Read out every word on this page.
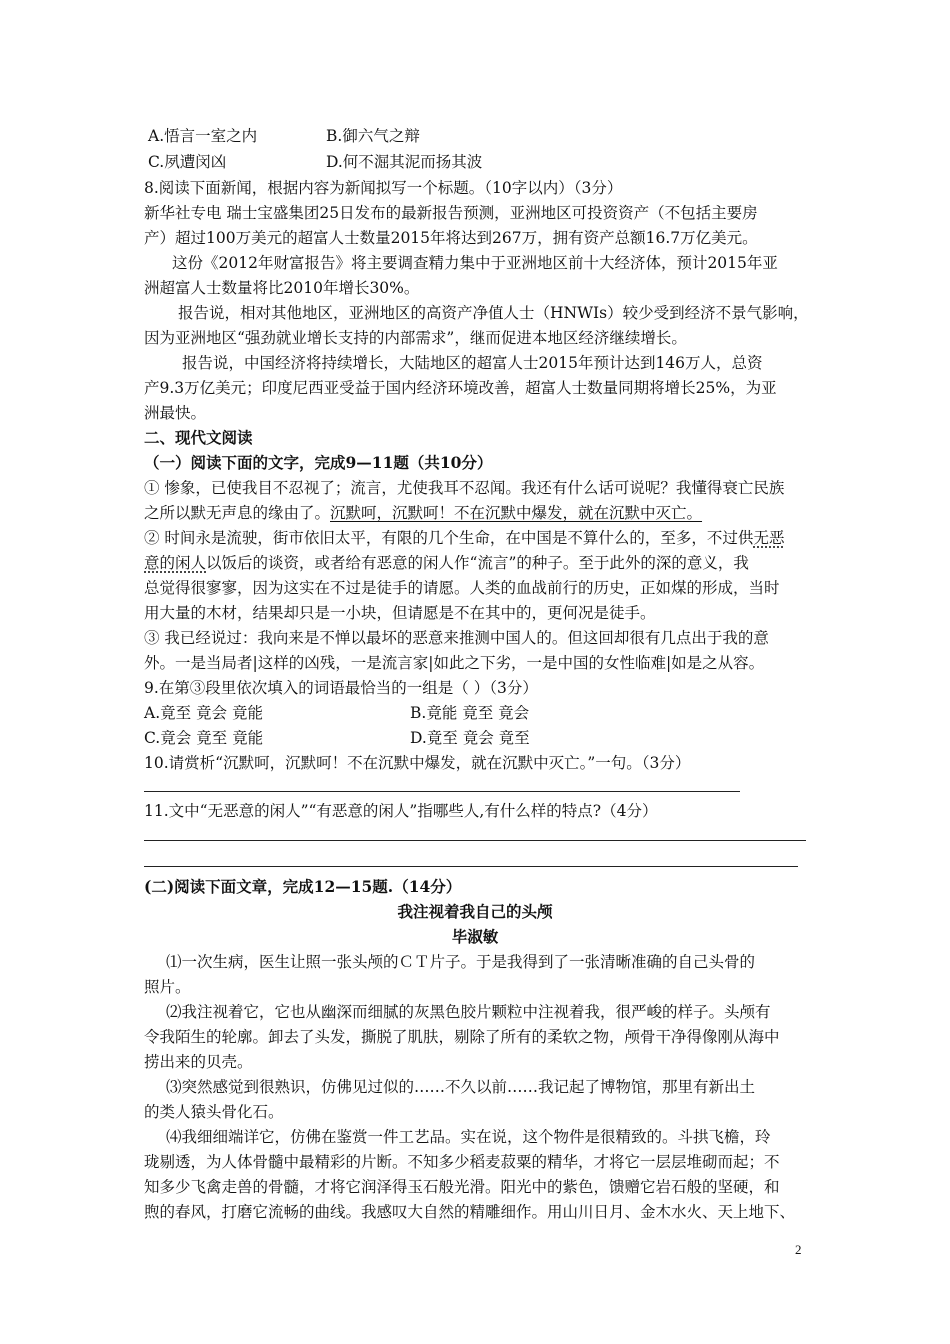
A.悟言一室之内	B.御六气之辩
C.夙遭闵凶	D.何不淈其泥而扬其波
8.阅读下面新闻，根据内容为新闻拟写一个标题。（10字以内）（3分）
新华社专电 瑞士宝盛集团25日发布的最新报告预测，亚洲地区可投资资产（不包括主要房
产）超过100万美元的超富人士数量2015年将达到267万，拥有资产总额16.7万亿美元。
这份《2012年财富报告》将主要调查精力集中于亚洲地区前十大经济体，预计2015年亚
洲超富人士数量将比2010年增长30%。
报告说，相对其他地区，亚洲地区的高资产净值人士（HNWIs）较少受到经济不景气影响，
因为亚洲地区“强劲就业增长支持的内部需求”，继而促进本地区经济继续增长。
报告说，中国经济将持续增长，大陆地区的超富人士2015年预计达到146万人，总资
产9.3万亿美元；印度尼西亚受益于国内经济环境改善，超富人士数量同期将增长25%，为亚
洲最快。
二、现代文阅读
（一）阅读下面的文字，完成9—11题（共10分）
① 惨象，已使我目不忍视了；流言，尤使我耳不忍闻。我还有什么话可说呢？我懂得衰亡民族
之所以默无声息的缘由了。沉默呵，沉默呵！不在沉默中爆发，就在沉默中灭亡。
② 时间永是流驶，街市依旧太平，有限的几个生命，在中国是不算什么的，至多，不过供无恶
意的闲人以饭后的谈资，或者给有恶意的闲人作“流言”的种子。至于此外的深的意义，我
总觉得很寥寥，因为这实在不过是徒手的请愿。人类的血战前行的历史，正如煤的形成，当时
用大量的木材，结果却只是一小块，但请愿是不在其中的，更何况是徒手。
③ 我已经说过：我向来是不惮以最坏的恶意来推测中国人的。但这回却很有几点出于我的意
外。一是当局者|这样的凶残，一是流言家|如此之下劣，一是中国的女性临难|如是之从容。
9.在第③段里依次填入的词语最恰当的一组是（ ）（3分）
A.竟至 竟会 竟能	B.竟能 竟至 竟会
C.竟会 竟至 竟能	D.竟至 竟会 竟至
10.请赏析“沉默呵，沉默呵！不在沉默中爆发，就在沉默中灭亡。”一句。（3分）
11.文中“无恶意的闲人”“有恶意的闲人”指哪些人,有什么样的特点?（4分）
(二)阅读下面文章，完成12—15题.（14分）
我注视着我自己的头颅
毕淑敏
⑴一次生病，医生让照一张头颅的ＣＴ片子。于是我得到了一张清晰准确的自己头骨的
照片。
⑵我注视着它，它也从幽深而细腻的灰黑色胶片颗粒中注视着我，很严峻的样子。头颅有
令我陌生的轮廓。卸去了头发，撕脱了肌肤，剔除了所有的柔软之物，颅骨干净得像刚从海中
捞出来的贝壳。
⑶突然感觉到很熟识，仿佛见过似的……不久以前……我记起了博物馆，那里有新出土
的类人猿头骨化石。
⑷我细细端详它，仿佛在鉴赏一件工艺品。实在说，这个物件是很精致的。斗拱飞檐，玲
珑剔透，为人体骨髓中最精彩的片断。不知多少稻麦菽粟的精华，才将它一层层堆砌而起；不
知多少飞禽走兽的骨髓，才将它润泽得玉石般光滑。阳光中的紫色，馈赠它岩石般的坚硬，和
煦的春风，打磨它流畅的曲线。我感叹大自然的精雕细作。用山川日月、金木水火、天上地下、
2
